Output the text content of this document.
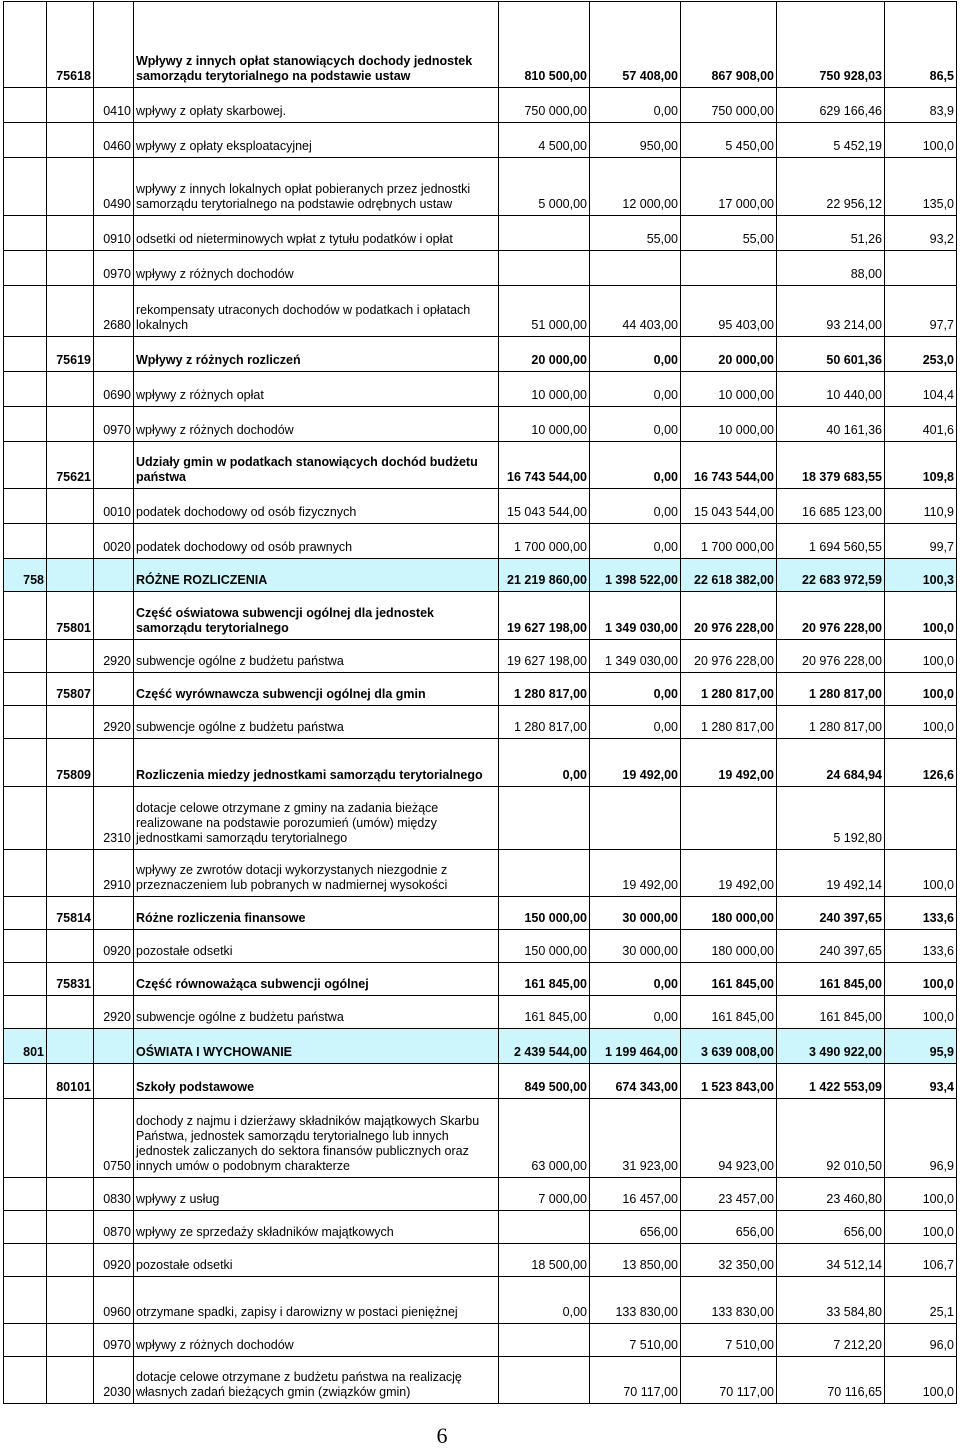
	75618		Wpływy z innych opłat stanowiących dochody jednostek samorządu terytorialnego na podstawie ustaw	810 500,00	57 408,00	867 908,00	750 928,03	86,5
		0410	wpływy z opłaty skarbowej.	750 000,00	0,00	750 000,00	629 166,46	83,9
		0460	wpływy z opłaty eksploatacyjnej	4 500,00	950,00	5 450,00	5 452,19	100,0
		0490	wpływy z innych lokalnych opłat pobieranych przez jednostki samorządu terytorialnego na podstawie odrębnych ustaw	5 000,00	12 000,00	17 000,00	22 956,12	135,0
		0910	odsetki od nieterminowych wpłat z tytułu podatków i opłat		55,00	55,00	51,26	93,2
		0970	wpływy z różnych dochodów				88,00	
		2680	rekompensaty utraconych dochodów w podatkach i opłatach lokalnych	51 000,00	44 403,00	95 403,00	93 214,00	97,7
	75619		Wpływy z różnych rozliczeń	20 000,00	0,00	20 000,00	50 601,36	253,0
		0690	wpływy z różnych opłat	10 000,00	0,00	10 000,00	10 440,00	104,4
		0970	wpływy z różnych dochodów	10 000,00	0,00	10 000,00	40 161,36	401,6
	75621		Udziały gmin w podatkach stanowiących dochód budżetu państwa	16 743 544,00	0,00	16 743 544,00	18 379 683,55	109,8
		0010	podatek dochodowy od osób fizycznych	15 043 544,00	0,00	15 043 544,00	16 685 123,00	110,9
		0020	podatek dochodowy od osób prawnych	1 700 000,00	0,00	1 700 000,00	1 694 560,55	99,7
758			RÓŻNE ROZLICZENIA	21 219 860,00	1 398 522,00	22 618 382,00	22 683 972,59	100,3
	75801		Część oświatowa subwencji ogólnej dla jednostek samorządu terytorialnego	19 627 198,00	1 349 030,00	20 976 228,00	20 976 228,00	100,0
		2920	subwencje ogólne z budżetu państwa	19 627 198,00	1 349 030,00	20 976 228,00	20 976 228,00	100,0
	75807		Część wyrównawcza subwencji ogólnej dla gmin	1 280 817,00	0,00	1 280 817,00	1 280 817,00	100,0
		2920	subwencje ogólne z budżetu państwa	1 280 817,00	0,00	1 280 817,00	1 280 817,00	100,0
	75809		Rozliczenia miedzy jednostkami samorządu terytorialnego	0,00	19 492,00	19 492,00	24 684,94	126,6
		2310	dotacje celowe otrzymane z gminy na zadania bieżące realizowane na podstawie porozumień (umów) między jednostkami samorządu terytorialnego				5 192,80	
		2910	wpływy ze zwrotów dotacji wykorzystanych niezgodnie z przeznaczeniem lub pobranych w nadmiernej wysokości		19 492,00	19 492,00	19 492,14	100,0
	75814		Różne rozliczenia finansowe	150 000,00	30 000,00	180 000,00	240 397,65	133,6
		0920	pozostałe odsetki	150 000,00	30 000,00	180 000,00	240 397,65	133,6
	75831		Część równoważąca subwencji ogólnej	161 845,00	0,00	161 845,00	161 845,00	100,0
		2920	subwencje ogólne z budżetu państwa	161 845,00	0,00	161 845,00	161 845,00	100,0
801			OŚWIATA I WYCHOWANIE	2 439 544,00	1 199 464,00	3 639 008,00	3 490 922,00	95,9
	80101		Szkoły podstawowe	849 500,00	674 343,00	1 523 843,00	1 422 553,09	93,4
		0750	dochody z najmu i dzierżawy składników majątkowych Skarbu Państwa, jednostek samorządu terytorialnego lub innych jednostek zaliczanych do sektora finansów publicznych oraz innych umów o podobnym charakterze	63 000,00	31 923,00	94 923,00	92 010,50	96,9
		0830	wpływy z usług	7 000,00	16 457,00	23 457,00	23 460,80	100,0
		0870	wpływy ze sprzedaży składników majątkowych		656,00	656,00	656,00	100,0
		0920	pozostałe odsetki	18 500,00	13 850,00	32 350,00	34 512,14	106,7
		0960	otrzymane spadki, zapisy i darowizny w postaci pieniężnej	0,00	133 830,00	133 830,00	33 584,80	25,1
		0970	wpływy z różnych dochodów		7 510,00	7 510,00	7 212,20	96,0
		2030	dotacje celowe otrzymane z budżetu państwa na realizację własnych zadań bieżących gmin (związków gmin)		70 117,00	70 117,00	70 116,65	100,0
6
